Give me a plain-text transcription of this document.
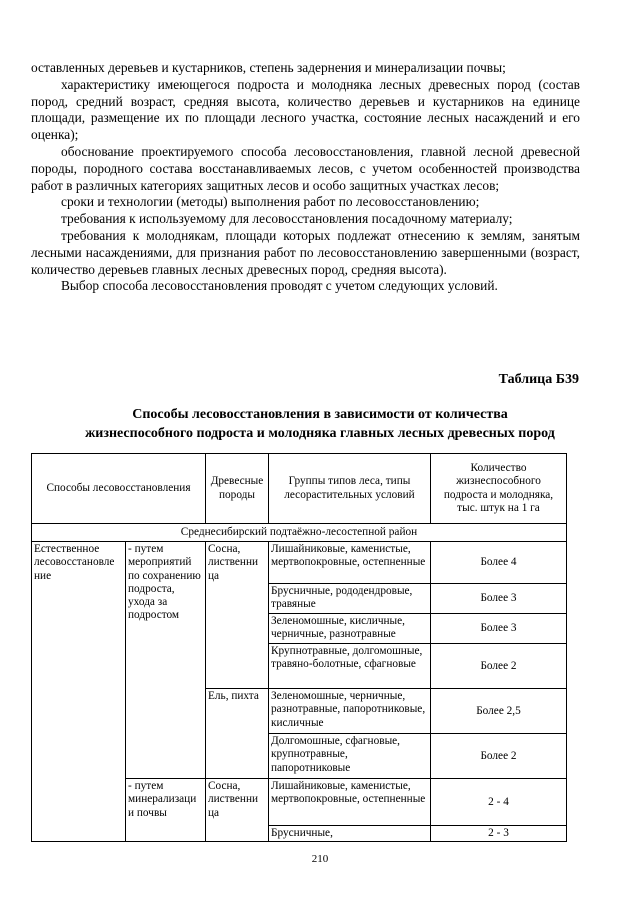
оставленных деревьев и кустарников, степень задернения и минерализации почвы;

характеристику имеющегося подроста и молодняка лесных древесных пород (состав пород, средний возраст, средняя высота, количество деревьев и кустарников на единице площади, размещение их по площади лесного участка, состояние лесных насаждений и его оценка);

обоснование проектируемого способа лесовосстановления, главной лесной древесной породы, породного состава восстанавливаемых лесов, с учетом особенностей производства работ в различных категориях защитных лесов и особо защитных участках лесов;

сроки и технологии (методы) выполнения работ по лесовосстановлению;

требования к используемому для лесовосстановления посадочному материалу;

требования к молоднякам, площади которых подлежат отнесению к землям, занятым лесными насаждениями, для признания работ по лесовосстановлению завершенными (возраст, количество деревьев главных лесных древесных пород, средняя высота).

Выбор способа лесовосстановления проводят с учетом следующих условий.

Таблица Б39
Способы лесовосстановления в зависимости от количества
жизнеспособного подроста и молодняка главных лесных древесных пород
Способы лесовосстановления		Древесные породы	Группы типов леса, типы лесорастительных условий	Количество жизнеспособного подроста и молодняка, тыс. штук на 1 га
Среднесибирский подтаёжно-лесостепной район				
Естественное лесовосстановле ние	- путем мероприятий по сохранению подроста, ухода за подростом	Сосна, лиственни ца	Лишайниковые, каменистые, мертвопокровные, остепненные	Более 4
			Брусничные, рододендровые, травяные	Более 3
			Зеленомошные, кисличные, черничные, разнотравные	Более 3
			Крупнотравные, долгомошные, травяно-болотные, сфагновые	Более 2
		Ель, пихта	Зеленомошные, черничные, разнотравные, папоротниковые, кисличные	Более 2,5
			Долгомошные, сфагновые, крупнотравные, папоротниковые	Более 2
	- путем минерализаци и почвы	Сосна, лиственни ца	Лишайниковые, каменистые, мертвопокровные, остепненные	2 - 4
			Брусничные,	2 - 3
210
